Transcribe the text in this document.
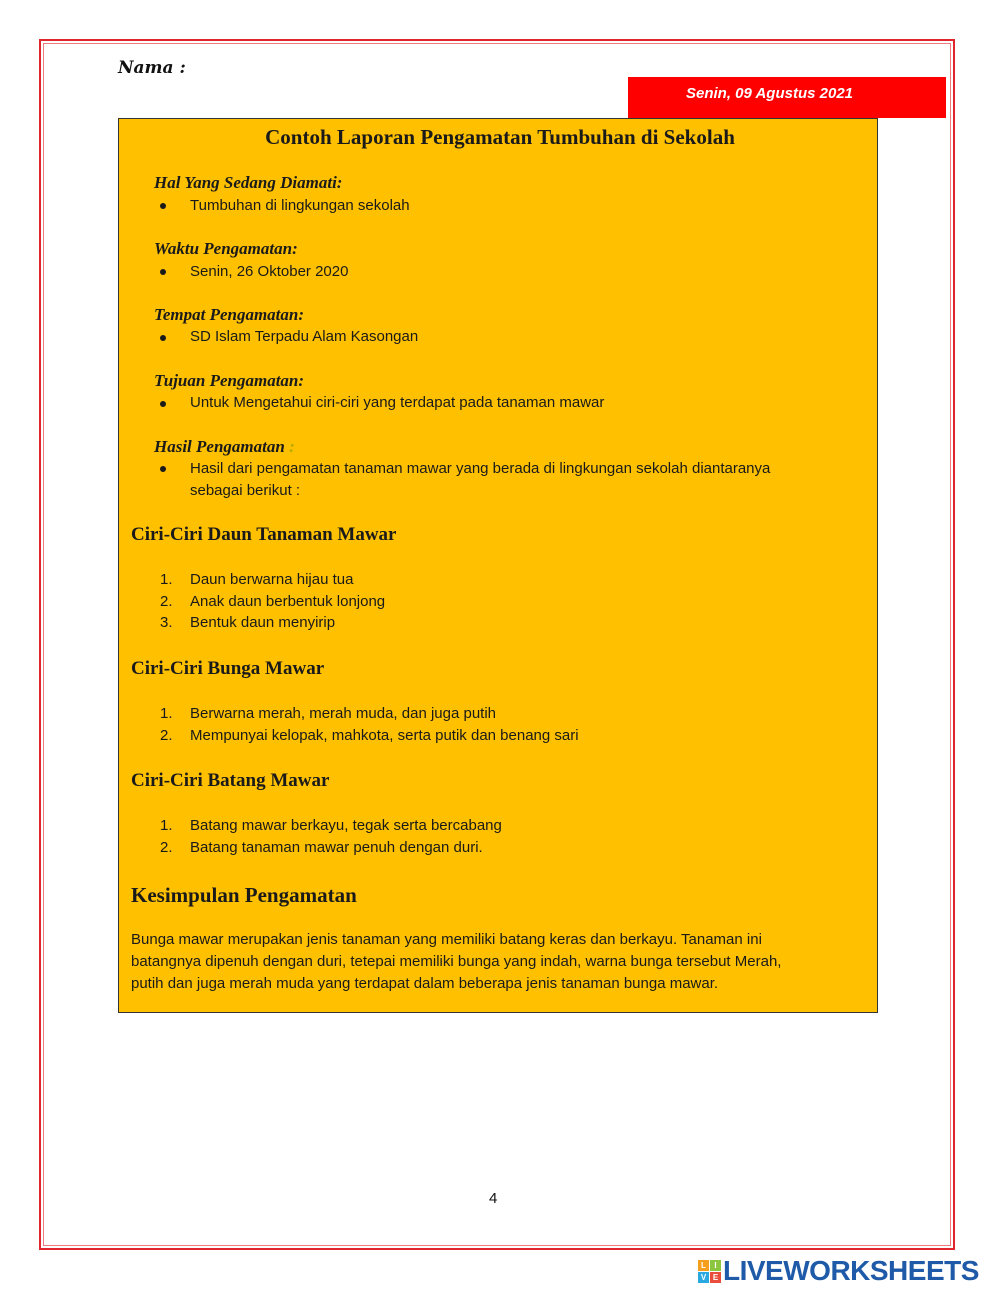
Nama :
Senin, 09 Agustus 2021
Contoh Laporan Pengamatan Tumbuhan di Sekolah
Hal Yang Sedang Diamati:
Tumbuhan di lingkungan sekolah
Waktu Pengamatan:
Senin, 26 Oktober 2020
Tempat Pengamatan:
SD Islam Terpadu Alam Kasongan
Tujuan Pengamatan:
Untuk Mengetahui ciri-ciri yang terdapat pada tanaman mawar
Hasil Pengamatan :
Hasil dari pengamatan tanaman mawar yang berada di lingkungan sekolah diantaranya
sebagai berikut :
Ciri-Ciri Daun Tanaman Mawar
1. Daun berwarna hijau tua
2. Anak daun berbentuk lonjong
3. Bentuk daun menyirip
Ciri-Ciri Bunga Mawar
1. Berwarna merah, merah muda, dan juga putih
2. Mempunyai kelopak, mahkota, serta putik dan benang sari
Ciri-Ciri Batang Mawar
1. Batang mawar berkayu, tegak serta bercabang
2. Batang tanaman mawar penuh dengan duri.
Kesimpulan Pengamatan
Bunga mawar merupakan jenis tanaman yang memiliki batang keras dan berkayu. Tanaman ini
batangnya dipenuh dengan duri, tetepai memiliki bunga yang indah, warna bunga tersebut Merah,
putih dan juga merah muda yang terdapat dalam beberapa jenis tanaman bunga mawar.
4
L	I
V E LIVEWORKSHEETS
